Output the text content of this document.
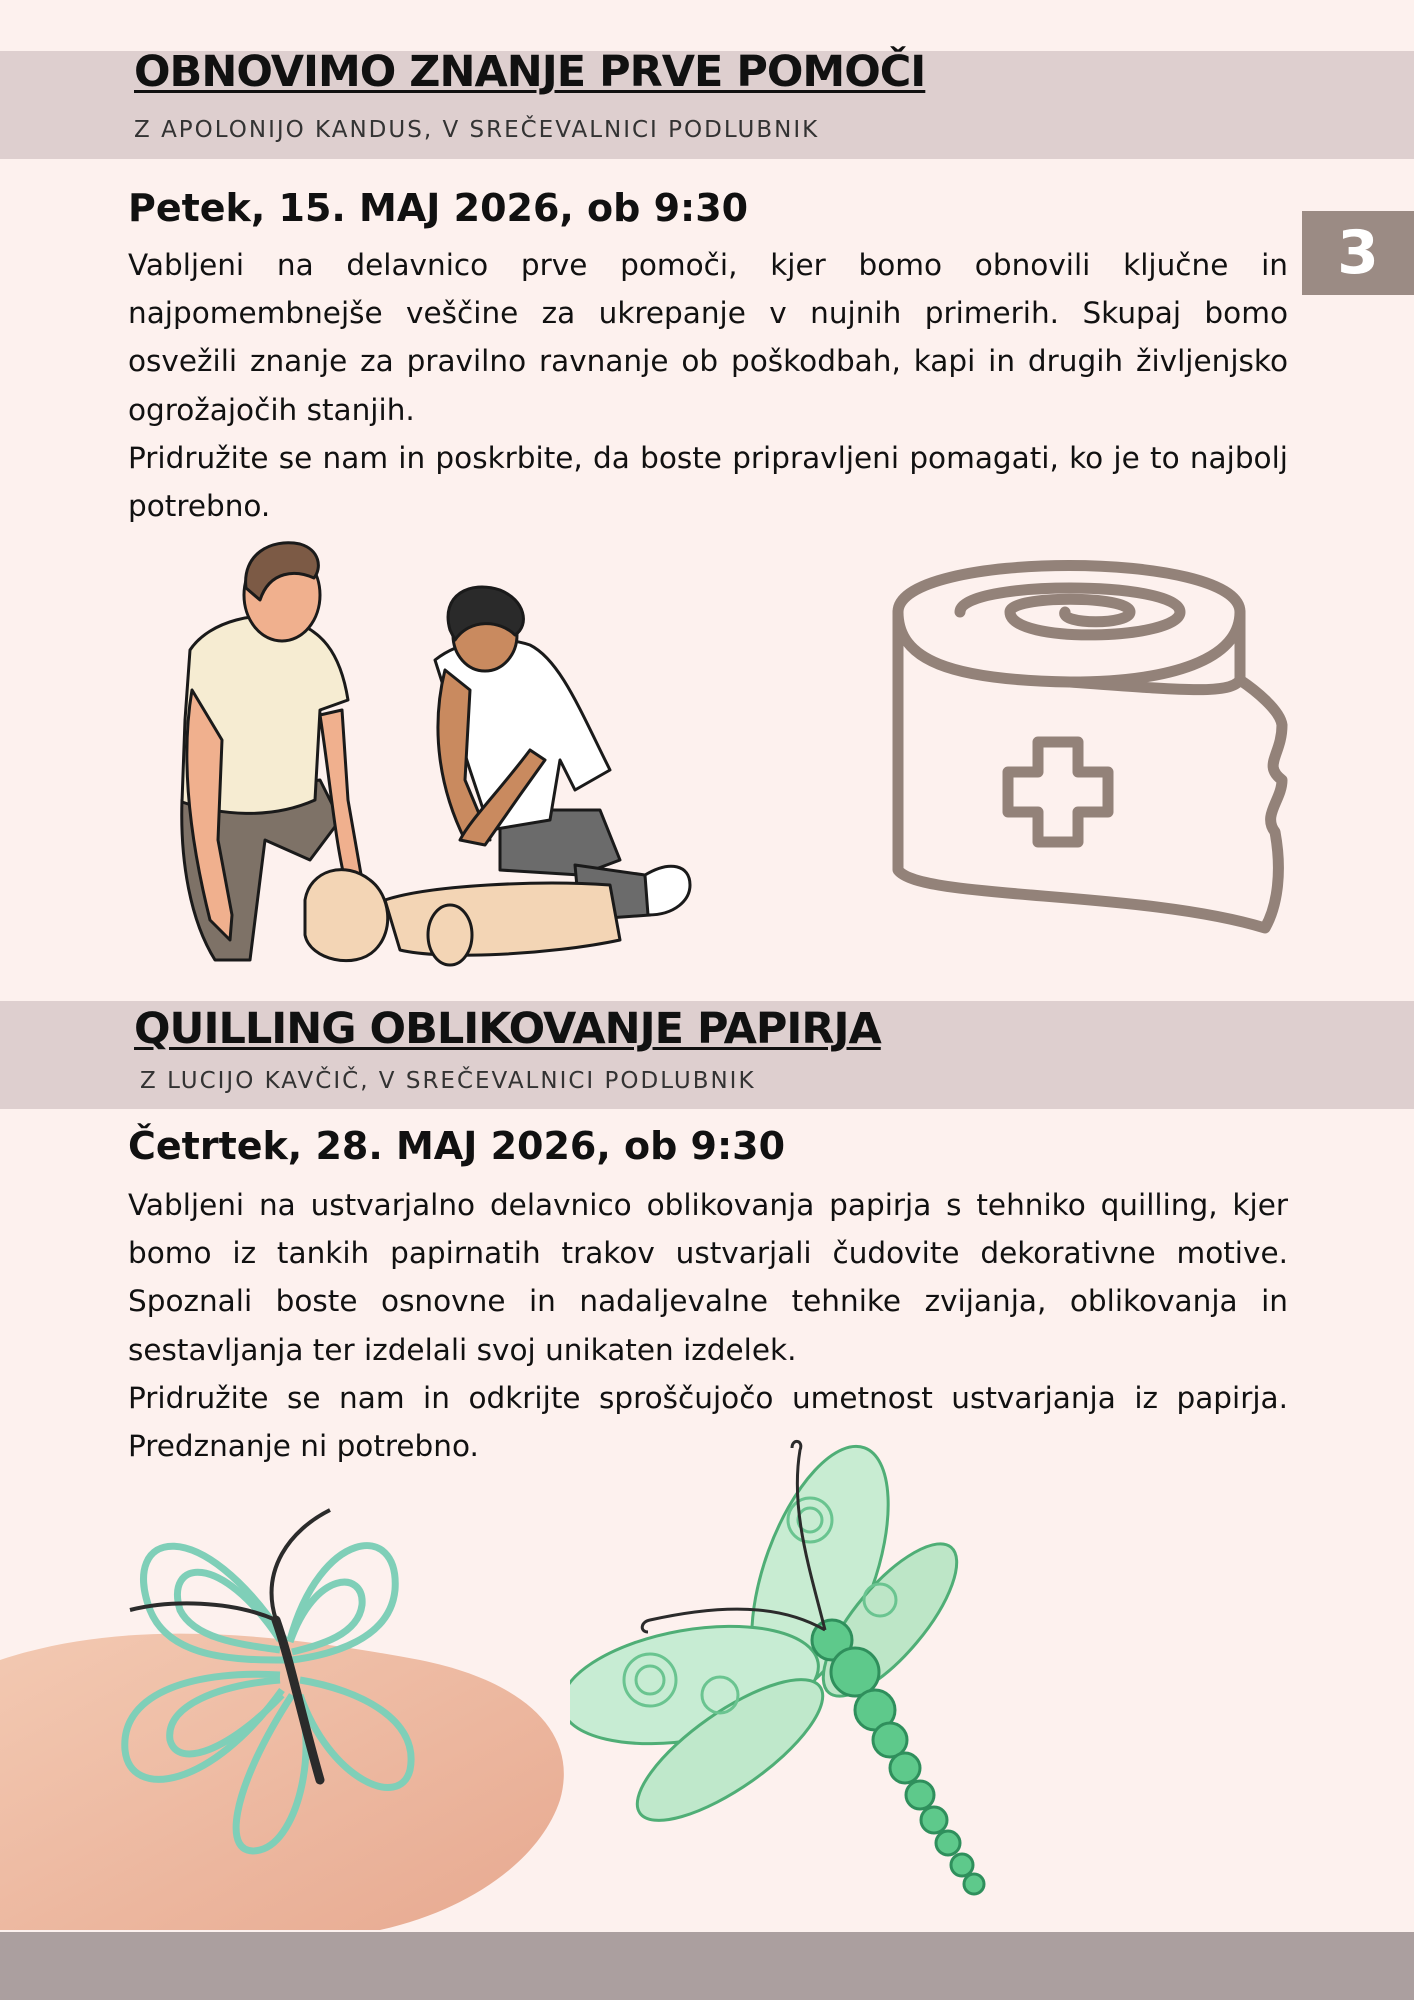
OBNOVIMO ZNANJE PRVE POMOČI
Z APOLONIJO KANDUS, V SREČEVALNICI PODLUBNIK
3
Petek, 15. MAJ 2026, ob 9:30

Vabljeni na delavnico prve pomoči, kjer bomo obnovili ključne in najpomembnejše veščine za ukrepanje v nujnih primerih. Skupaj bomo osvežili znanje za pravilno ravnanje ob poškodbah, kapi in drugih življenjsko ogrožajočih stanjih.

Pridružite se nam in poskrbite, da boste pripravljeni pomagati, ko je to najbolj potrebno.

QUILLING OBLIKOVANJE PAPIRJA
Z LUCIJO KAVČIČ, V SREČEVALNICI PODLUBNIK
Četrtek, 28. MAJ 2026, ob 9:30

Vabljeni na ustvarjalno delavnico oblikovanja papirja s tehniko quilling, kjer bomo iz tankih papirnatih trakov ustvarjali čudovite dekorativne motive. Spoznali boste osnovne in nadaljevalne tehnike zvijanja, oblikovanja in sestavljanja ter izdelali svoj unikaten izdelek.

Pridružite se nam in odkrijte sproščujočo umetnost ustvarjanja iz papirja. Predznanje ni potrebno.
